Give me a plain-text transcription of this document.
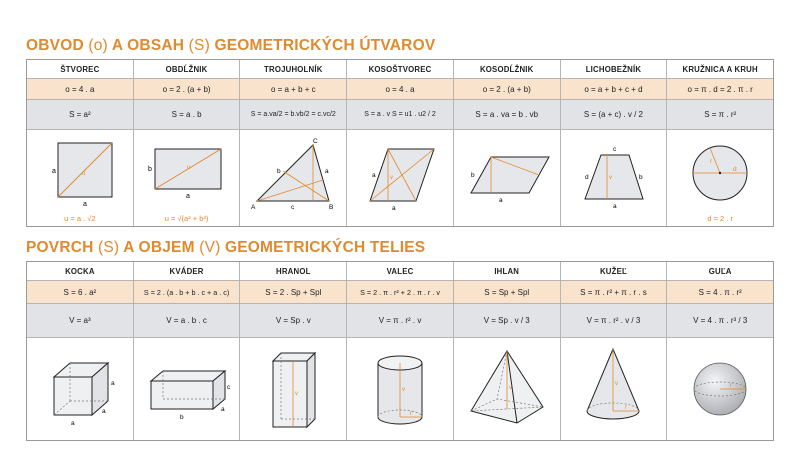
OBVOD (o) A OBSAH (S) GEOMETRICKÝCH ÚTVAROV
ŠTVOREC	OBDĹŽNIK	TROJUHOLNÍK	KOSOŠTVOREC	KOSODĹŽNIK	LICHOBEŽNÍK	KRUŽNICA A KRUH
o = 4 . a	o = 2 . (a + b)	o = a + b + c	o = 4 . a	o = 2 . (a + b)	o = a + b + c + d	o = π . d = 2 . π . r
S = a²	S = a . b	S = a.va/2 = b.vb/2 = c.vc/2	S = a . v S = u1 . u2 / 2	S = a . va = b . vb	S = (a + c) . v / 2	S = π . r²
a
a
u
u = a . √2
b
a
u
u = √(a² + b²)
A	B
C
c
b	a
a
a
v	b
a
c
a
d	b
v
d
r
d = 2 . r
POVRCH (S) A OBJEM (V) GEOMETRICKÝCH TELIES
KOCKA	KVÁDER	HRANOL	VALEC	IHLAN	KUŽEĽ	GUĽA
S = 6 . a²	S = 2 . (a . b + b . c + a . c)	S = 2 . Sp + Spl	S = 2 . π . r² + 2 . π . r . v	S = Sp + Spl	S = π . r² + π . r . s	S = 4 . π . r²
V = a³	V = a . b . c	V = Sp . v	V = π . r² . v	V = Sp . v / 3	V = π . r² . v / 3	V = 4 . π . r³ / 3
a
a
a
c
b
a
v
v
r
v
v
r
r
